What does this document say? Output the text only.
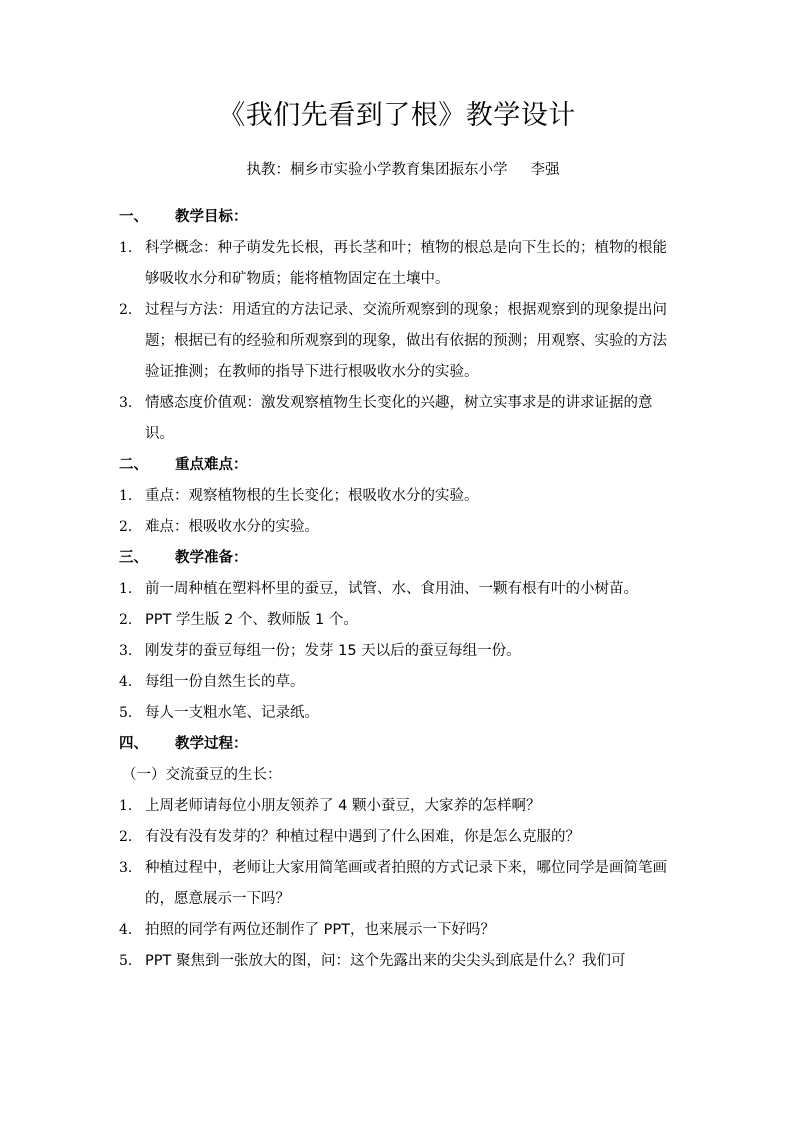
《我们先看到了根》教学设计
执教：桐乡市实验小学教育集团振东小学     李强
一、 教学目标：
1. 科学概念：种子萌发先长根，再长茎和叶；植物的根总是向下生长的；植物的根能够吸收水分和矿物质；能将植物固定在土壤中。
2. 过程与方法：用适宜的方法记录、交流所观察到的现象；根据观察到的现象提出问题；根据已有的经验和所观察到的现象，做出有依据的预测；用观察、实验的方法验证推测；在教师的指导下进行根吸收水分的实验。
3. 情感态度价值观：激发观察植物生长变化的兴趣，树立实事求是的讲求证据的意识。
二、 重点难点：
1. 重点：观察植物根的生长变化；根吸收水分的实验。
2. 难点：根吸收水分的实验。
三、 教学准备：
1. 前一周种植在塑料杯里的蚕豆，试管、水、食用油、一颗有根有叶的小树苗。
2. PPT 学生版 2 个、教师版 1 个。
3. 刚发芽的蚕豆每组一份；发芽 15 天以后的蚕豆每组一份。
4. 每组一份自然生长的草。
5. 每人一支粗水笔、记录纸。
四、 教学过程：
（一）交流蚕豆的生长：
1. 上周老师请每位小朋友领养了 4 颗小蚕豆，大家养的怎样啊？
2. 有没有没有发芽的？种植过程中遇到了什么困难，你是怎么克服的？
3. 种植过程中，老师让大家用简笔画或者拍照的方式记录下来，哪位同学是画简笔画的，愿意展示一下吗？
4. 拍照的同学有两位还制作了 PPT，也来展示一下好吗？
5. PPT 聚焦到一张放大的图，问：这个先露出来的尖尖头到底是什么？我们可
